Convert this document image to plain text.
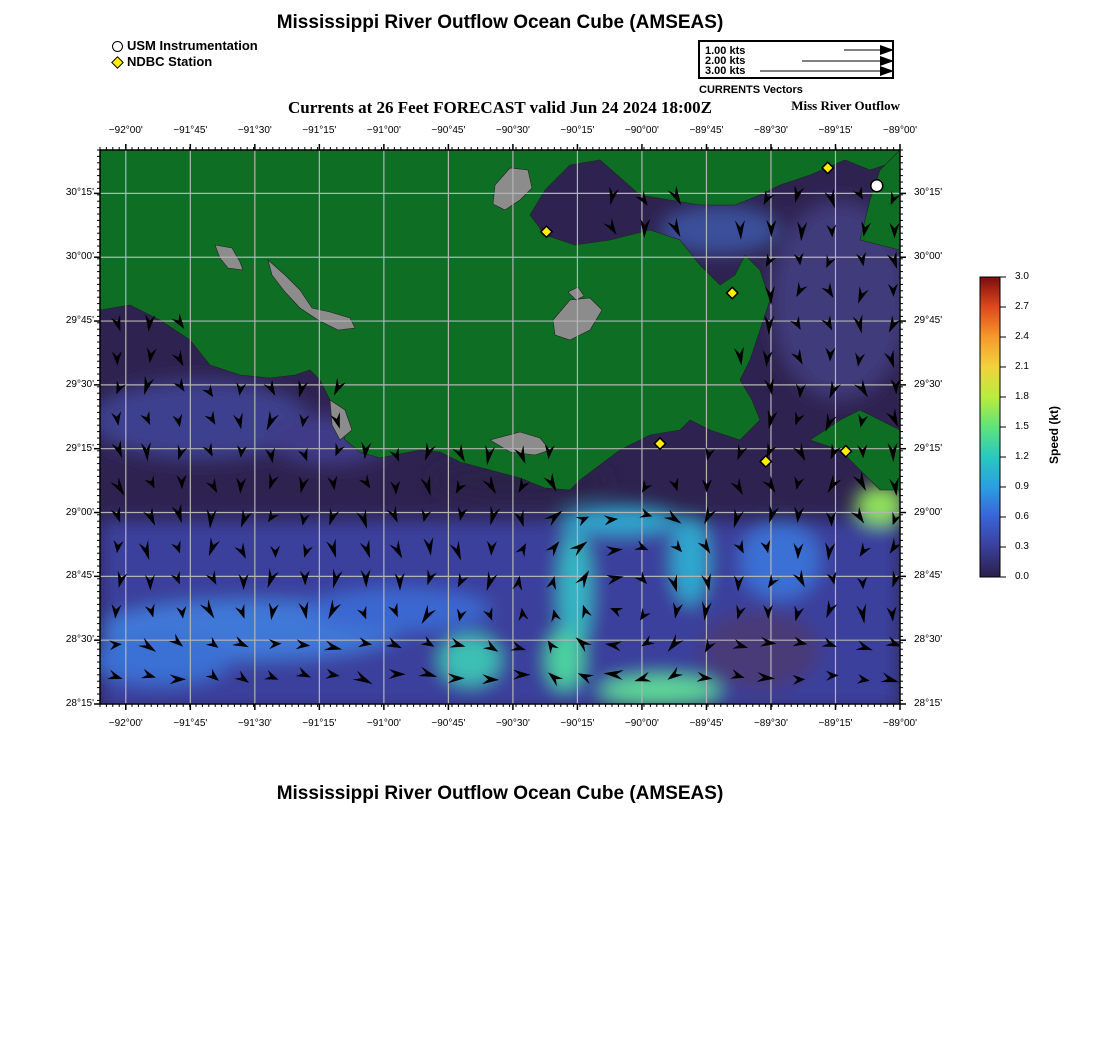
Mississippi River Outflow Ocean Cube (AMSEAS)
Mississippi River Outflow Ocean Cube (AMSEAS)
USM Instrumentation
NDBC Station
1.00 kts
2.00 kts
3.00 kts
CURRENTS Vectors
Currents at 26 Feet FORECAST valid Jun 24 2024 18:00Z	Miss River Outflow
−92°00'
−92°00'
−91°45'
−91°45'
−91°30'
−91°30'
−91°15'
−91°15'
−91°00'
−91°00'
−90°45'
−90°45'
−90°30'
−90°30'
−90°15'
−90°15'
−90°00'
−90°00'
−89°45'
−89°45'
−89°30'
−89°30'
−89°15'
−89°15'
−89°00'
−89°00'
30°15'	30°15'
30°00'	30°00'
29°45'	29°45'
29°30'	29°30'
29°15'	29°15'
29°00'	29°00'
28°45'	28°45'
28°30'	28°30'
28°15'	28°15'
3.0
2.7
2.4
2.1
1.8
1.5
1.2
0.9
0.6
0.3
0.0
Speed (kt)
